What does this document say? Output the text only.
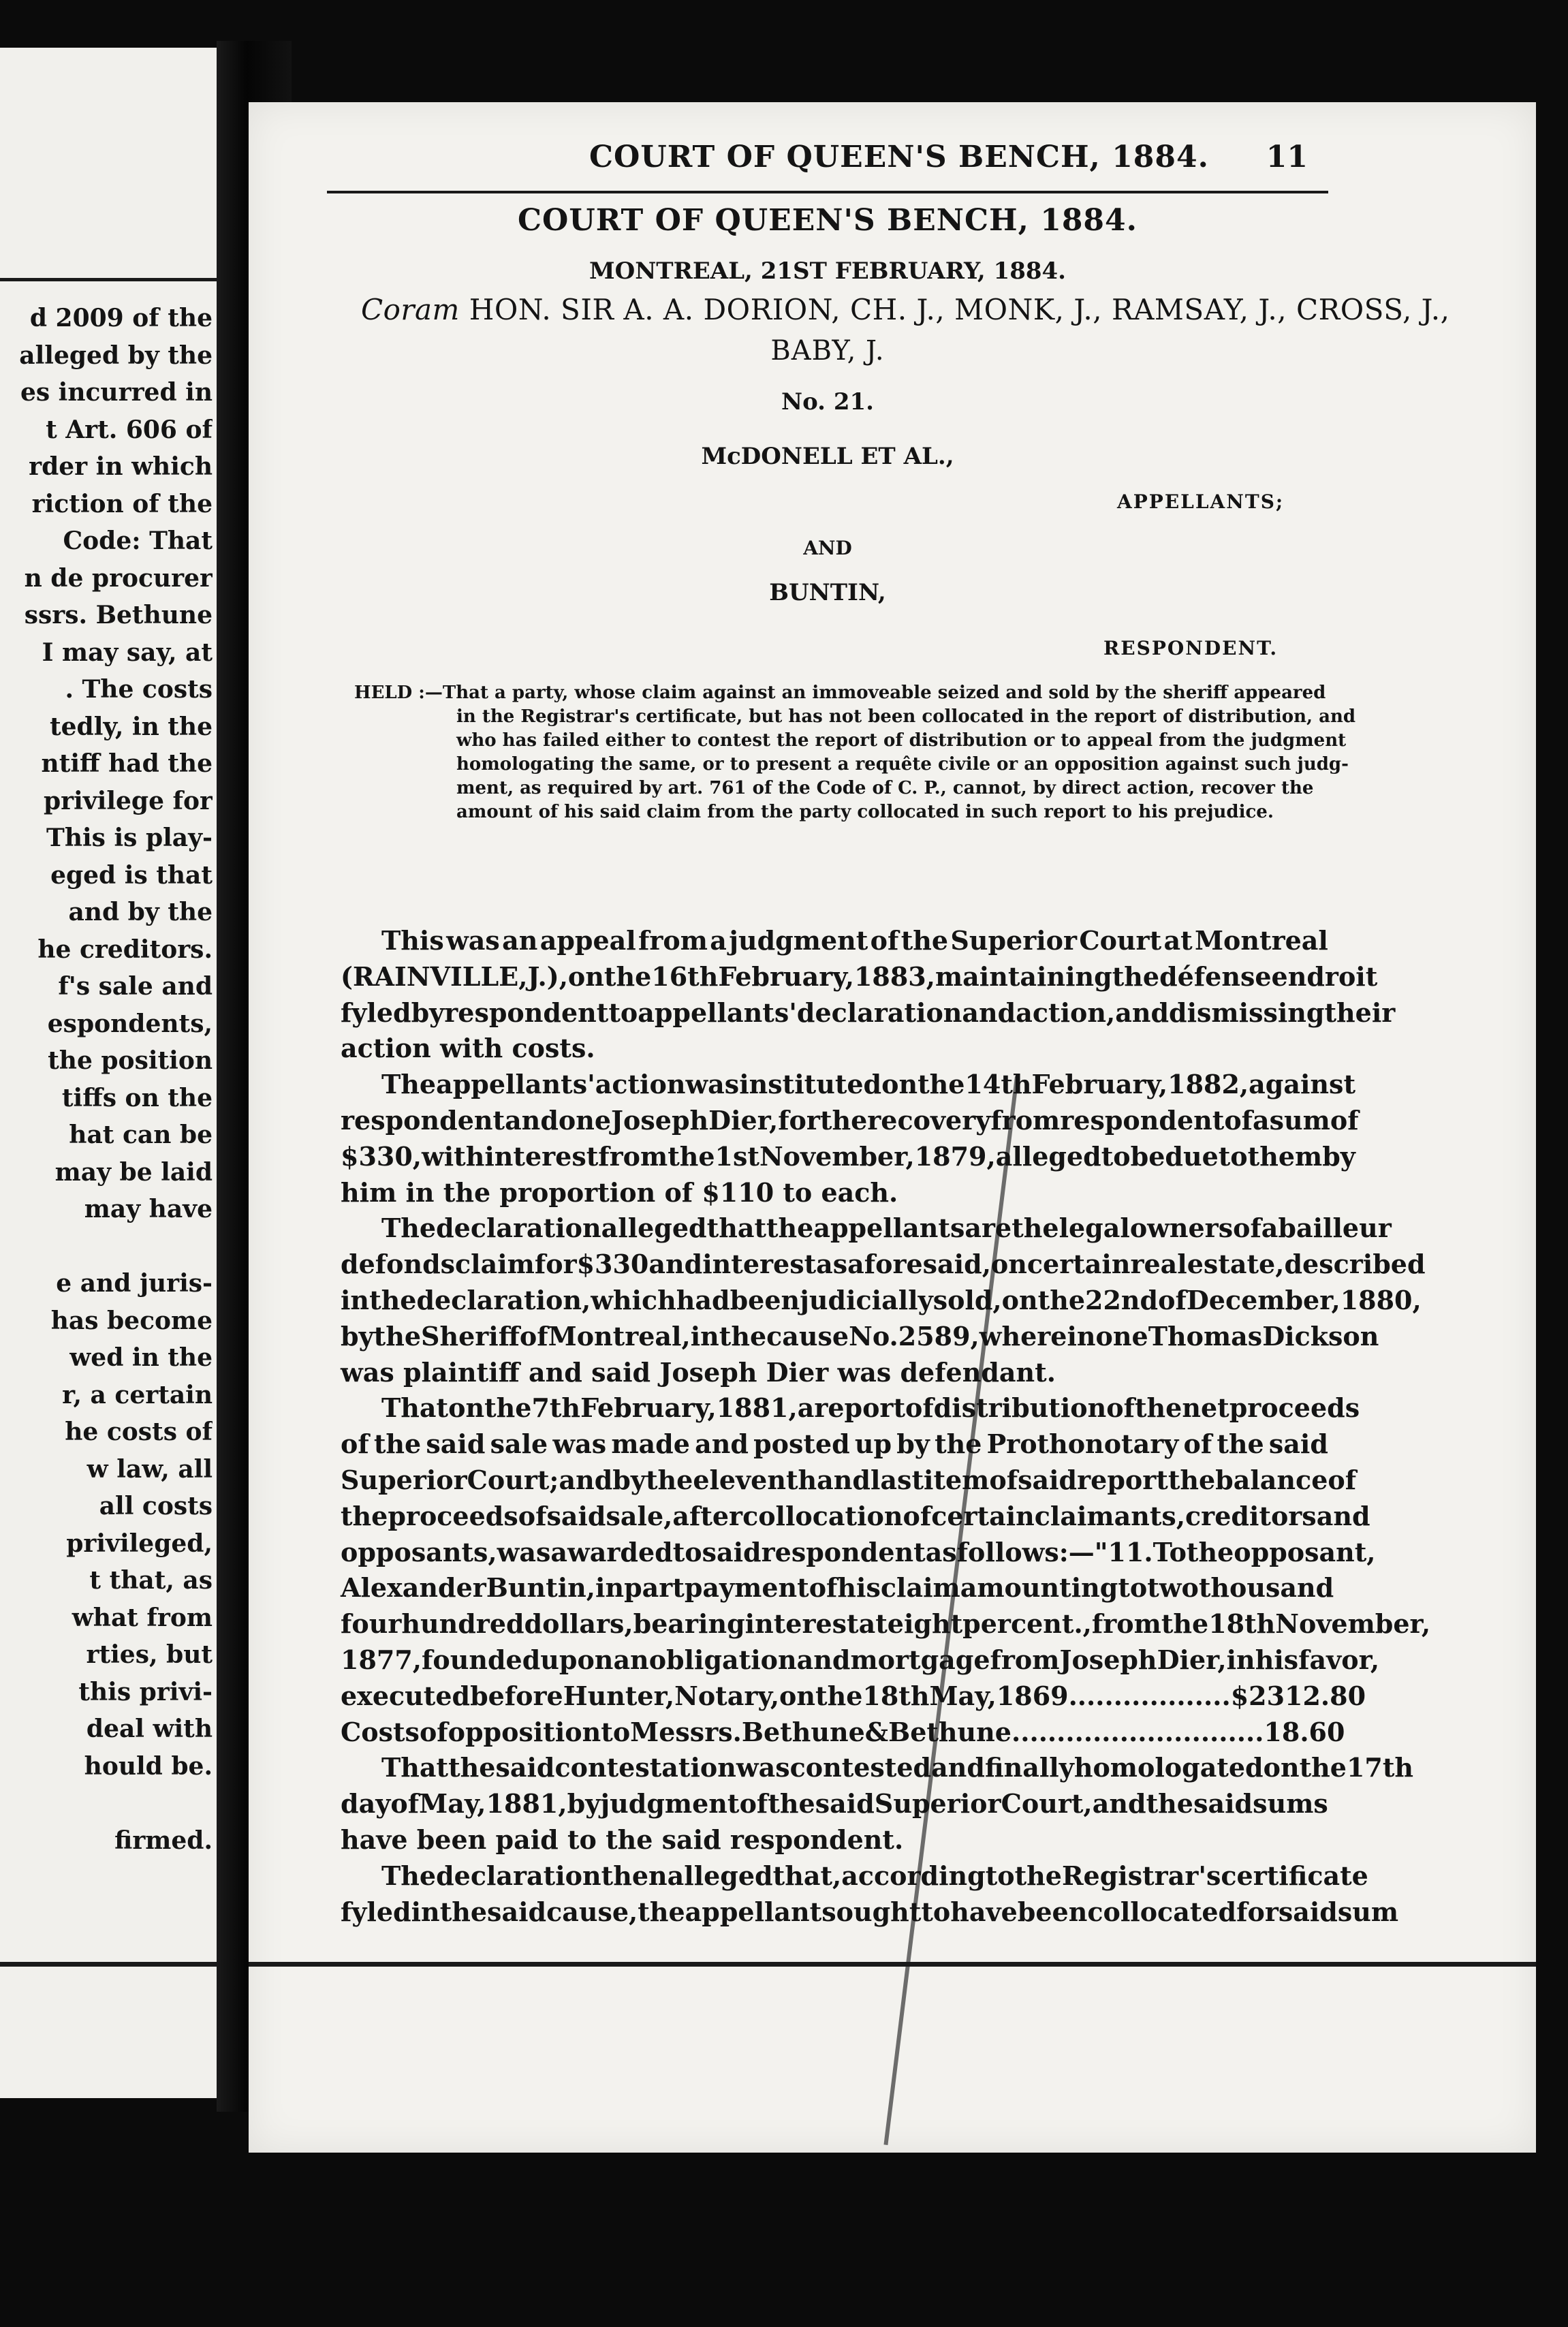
d 2009 of the
alleged by the
es incurred in
t Art. 606 of
rder in which
riction of the
Code: That
n de procurer
ssrs. Bethune
I may say, at
. The costs
tedly, in the
ntiff had the
privilege for
This is play-
eged is that
and by the
he creditors.
f's sale and
espondents,
the position
tiffs on the
hat can be
may be laid
may have
e and juris-
has become
wed in the
r, a certain
he costs of
w law, all
all costs
privileged,
t that, as
what from
rties, but
this privi-
deal with
hould be.
firmed.
COURT OF QUEEN'S BENCH, 1884. 11
COURT OF QUEEN'S BENCH, 1884.
MONTREAL, 21ST FEBRUARY, 1884.
Coram HON. SIR A. A. DORION, CH. J., MONK, J., RAMSAY, J., CROSS, J.,
BABY, J.
No. 21.
McDONELL ET AL.,
APPELLANTS;
AND
BUNTIN,
RESPONDENT.
HELD :—That a party, whose claim against an immoveable seized and sold by the sheriff appeared
in the Registrar's certificate, but has not been collocated in the report of distribution, and
who has failed either to contest the report of distribution or to appeal from the judgment
homologating the same, or to present a requête civile or an opposition against such judg-
ment, as required by art. 761 of the Code of C. P., cannot, by direct action, recover the
amount of his said claim from the party collocated in such report to his prejudice.
This was an appeal from a judgment of the Superior Court at Montreal
(RAINVILLE, J.), on the 16th February, 1883, maintaining the défense en droit
fyled by respondent to appellants' declaration and action, and dismissing their
action with costs.
The appellants' action was instituted on the 14th February, 1882, against
respondent and one Joseph Dier, for the recovery from respondent of a sum of
$330, with interest from the 1st November, 1879, alleged to be due to them by
him in the proportion of $110 to each.
The declaration alleged that the appellants are the legal owners of a bailleur
de fonds claim for $330 and interest as aforesaid, on certain real estate, described
in the declaration, which had been judicially sold, on the 22nd of December, 1880,
by the Sheriff of Montreal, in the cause No. 2589, wherein one Thomas Dickson
was plaintiff and said Joseph Dier was defendant.
That on the 7th February, 1881, a report of distribution of the net proceeds
of the said sale was made and posted up by the Prothonotary of the said
Superior Court; and by the eleventh and last item of said report the balance of
the proceeds of said sale, after collocation of certain claimants, creditors and
opposants, was awarded to said respondent as follows :—"11. To the opposant,
Alexander Buntin, in part payment of his claim amounting to two thousand
four hundred dollars, bearing interest at eight per cent., from the 18th November,
1877, founded upon an obligation and mortgage from Joseph Dier, in his favor,
executed before Hunter, Notary, on the 18th May, 1869 .................. $2312.80
Costs of opposition to Messrs. Bethune & Bethune ............................ 18.60
That the said contestation was contested and finally homologated on the 17th
day of May, 1881, by judgment of the said Superior Court, and the said sums
have been paid to the said respondent.
The declaration then alleged that, according to the Registrar's certificate
fyled in the said cause, the appellants ought to have been collocated for said sum
